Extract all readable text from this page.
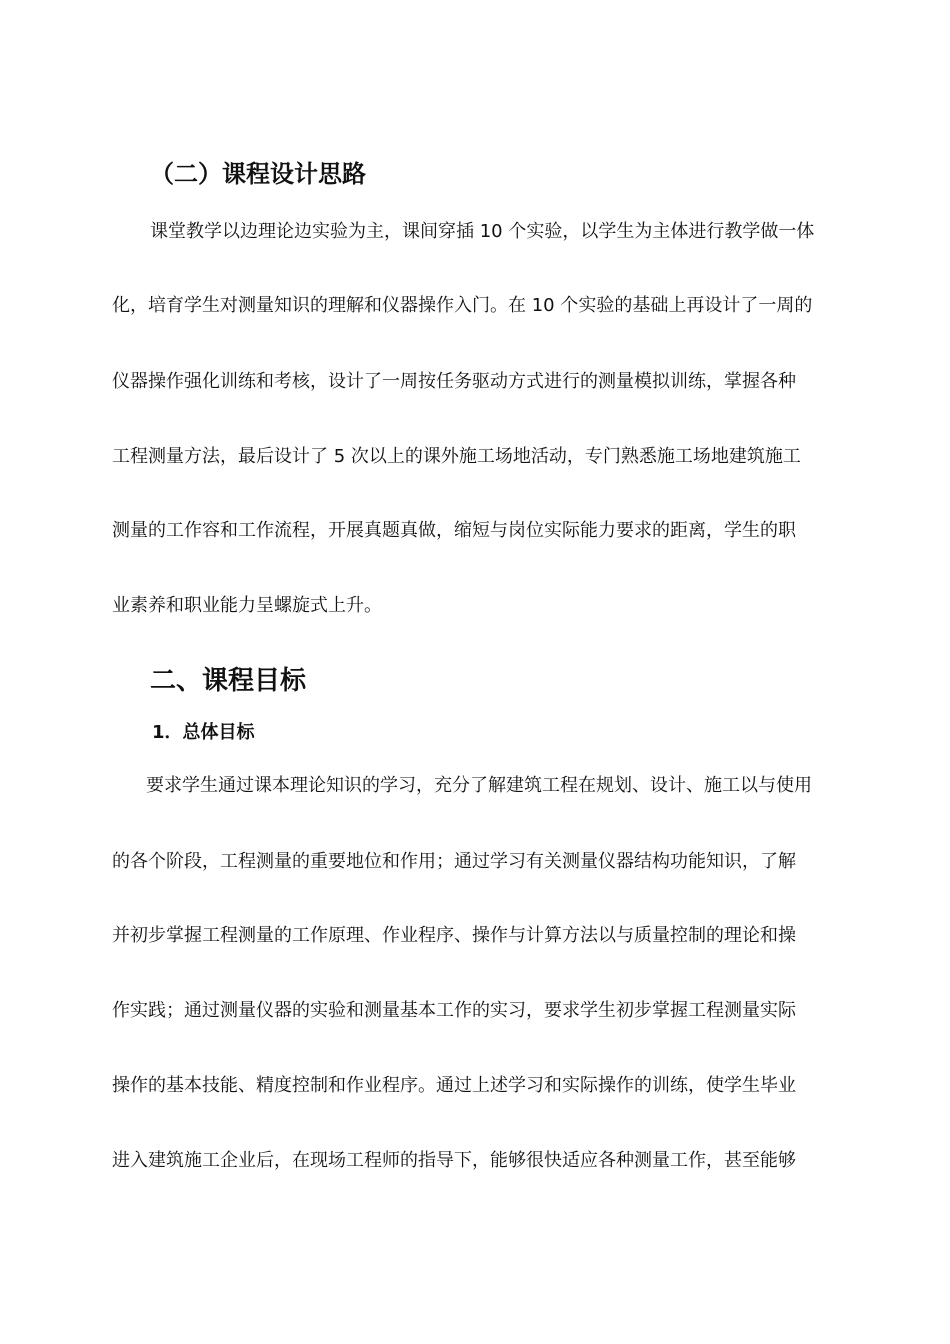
（二）课程设计思路
课堂教学以边理论边实验为主，课间穿插 10 个实验，以学生为主体进行教学做一体
化，培育学生对测量知识的理解和仪器操作入门。在 10 个实验的基础上再设计了一周的
仪器操作强化训练和考核，设计了一周按任务驱动方式进行的测量模拟训练，掌握各种
工程测量方法，最后设计了 5 次以上的课外施工场地活动，专门熟悉施工场地建筑施工
测量的工作容和工作流程，开展真题真做，缩短与岗位实际能力要求的距离，学生的职
业素养和职业能力呈螺旋式上升。
二、课程目标
1．总体目标
要求学生通过课本理论知识的学习，充分了解建筑工程在规划、设计、施工以与使用
的各个阶段，工程测量的重要地位和作用；通过学习有关测量仪器结构功能知识，了解
并初步掌握工程测量的工作原理、作业程序、操作与计算方法以与质量控制的理论和操
作实践；通过测量仪器的实验和测量基本工作的实习，要求学生初步掌握工程测量实际
操作的基本技能、精度控制和作业程序。通过上述学习和实际操作的训练，使学生毕业
进入建筑施工企业后，在现场工程师的指导下，能够很快适应各种测量工作，甚至能够
